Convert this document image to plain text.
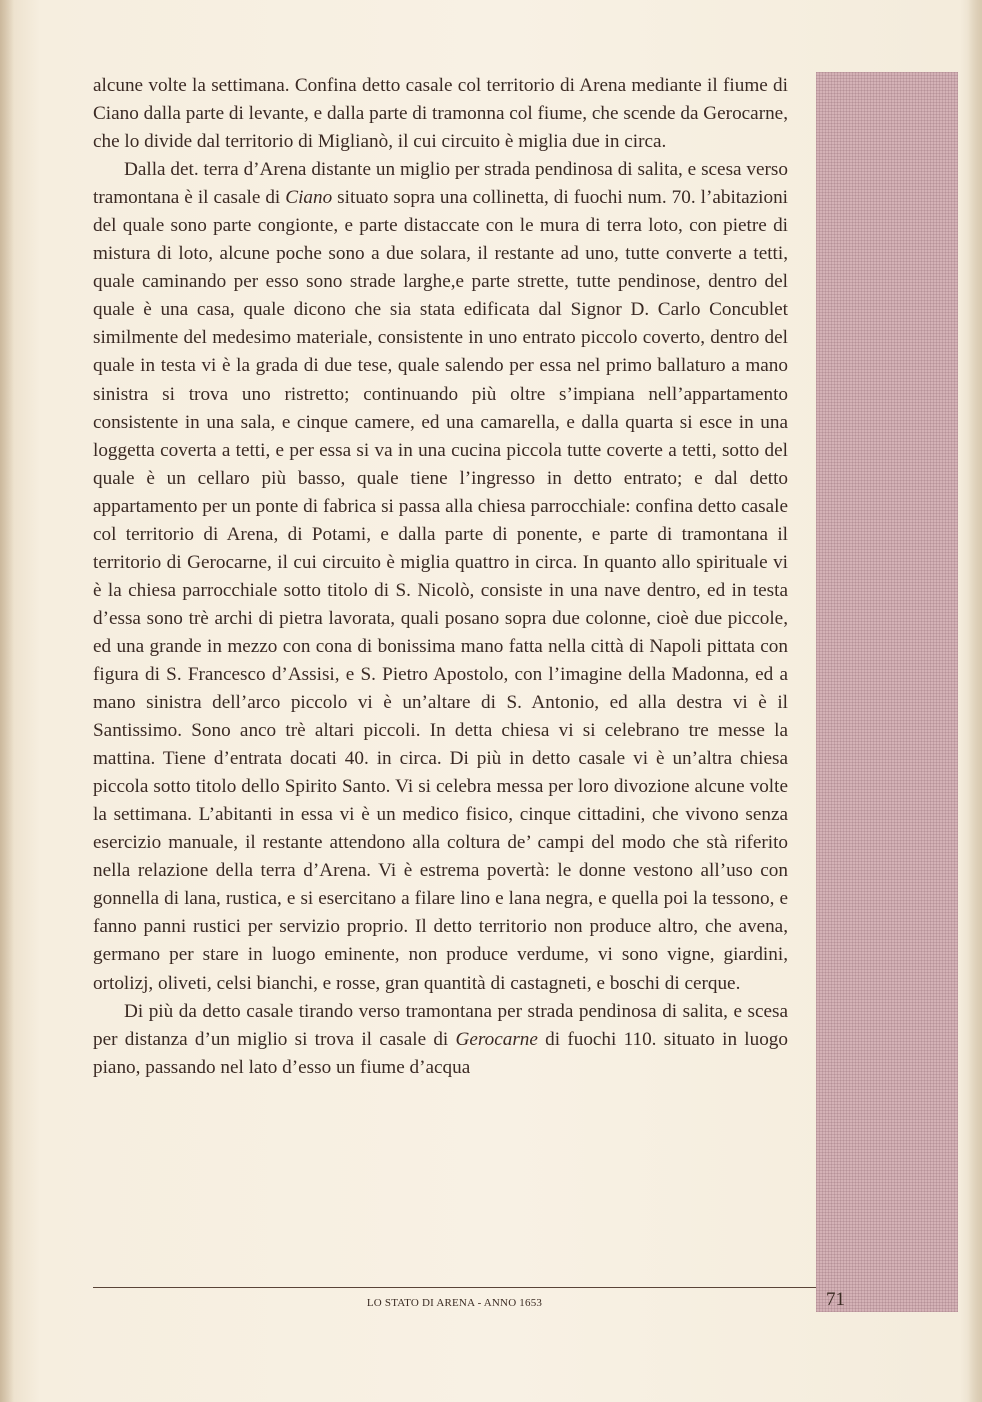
alcune volte la settimana. Confina detto casale col territorio di Arena mediante il fiume di Ciano dalla parte di levante, e dalla parte di tramonna col fiume, che scende da Gerocarne, che lo divide dal territorio di Miglianò, il cui circuito è miglia due in circa.

Dalla det. terra d’Arena distante un miglio per strada pendinosa di salita, e scesa verso tramontana è il casale di Ciano situato sopra una collinetta, di fuochi num. 70. l’abitazioni del quale sono parte congionte, e parte distaccate con le mura di terra loto, con pietre di mistura di loto, alcune poche sono a due solara, il restante ad uno, tutte converte a tetti, quale caminando per esso sono strade larghe,e parte strette, tutte pendinose, dentro del quale è una casa, quale dicono che sia stata edificata dal Signor D. Carlo Concublet similmente del medesimo materiale, consistente in uno entrato piccolo coverto, dentro del quale in testa vi è la grada di due tese, quale salendo per essa nel primo ballaturo a mano sinistra si trova uno ristretto; continuando più oltre s’impiana nell’appartamento consistente in una sala, e cinque camere, ed una camarella, e dalla quarta si esce in una loggetta coverta a tetti, e per essa si va in una cucina piccola tutte coverte a tetti, sotto del quale è un cellaro più basso, quale tiene l’ingresso in detto entrato; e dal detto appartamento per un ponte di fabrica si passa alla chiesa parrocchiale: confina detto casale col territorio di Arena, di Potami, e dalla parte di ponente, e parte di tramontana il territorio di Gerocarne, il cui circuito è miglia quattro in circa. In quanto allo spirituale vi è la chiesa parrocchiale sotto titolo di S. Nicolò, consiste in una nave dentro, ed in testa d’essa sono trè archi di pietra lavorata, quali posano sopra due colonne, cioè due piccole, ed una grande in mezzo con cona di bonissima mano fatta nella città di Napoli pittata con figura di S. Francesco d’Assisi, e S. Pietro Apostolo, con l’imagine della Madonna, ed a mano sinistra dell’arco piccolo vi è un’altare di S. Antonio, ed alla destra vi è il Santissimo. Sono anco trè altari piccoli. In detta chiesa vi si celebrano tre messe la mattina. Tiene d’entrata docati 40. in circa. Di più in detto casale vi è un’altra chiesa piccola sotto titolo dello Spirito Santo. Vi si celebra messa per loro divozione alcune volte la settimana. L’abitanti in essa vi è un medico fisico, cinque cittadini, che vivono senza esercizio manuale, il restante attendono alla coltura de’ campi del modo che stà riferito nella relazione della terra d’Arena. Vi è estrema povertà: le donne vestono all’uso con gonnella di lana, rustica, e si esercitano a filare lino e lana negra, e quella poi la tessono, e fanno panni rustici per servizio proprio. Il detto territorio non produce altro, che avena, germano per stare in luogo eminente, non produce verdume, vi sono vigne, giardini, ortolizj, oliveti, celsi bianchi, e rosse, gran quantità di castagneti, e boschi di cerque.

Di più da detto casale tirando verso tramontana per strada pendinosa di salita, e scesa per distanza d’un miglio si trova il casale di Gerocarne di fuochi 110. situato in luogo piano, passando nel lato d’esso un fiume d’acqua

LO STATO DI ARENA - ANNO 1653	71
